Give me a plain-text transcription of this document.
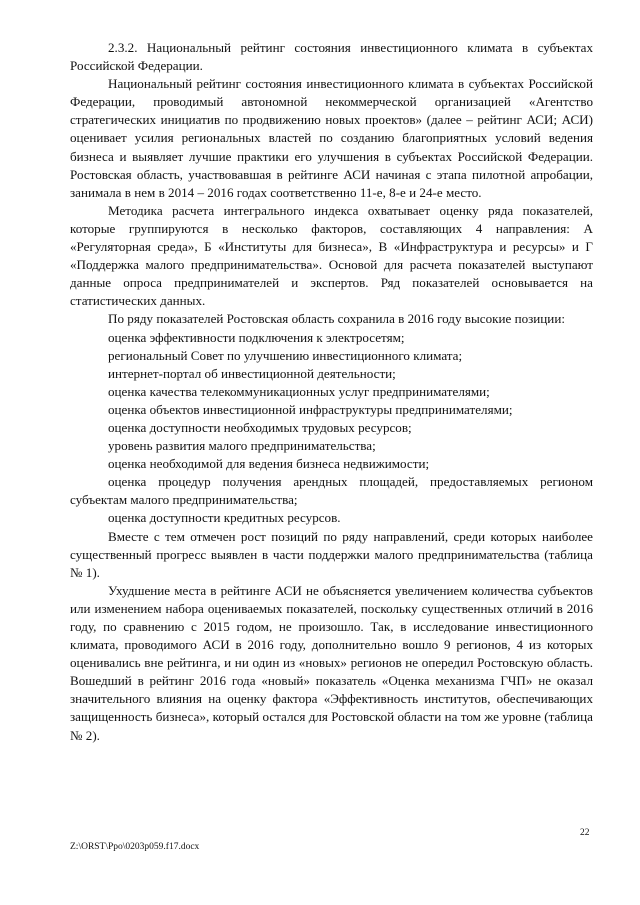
2.3.2. Национальный рейтинг состояния инвестиционного климата в субъектах Российской Федерации.

Национальный рейтинг состояния инвестиционного климата в субъектах Российской Федерации, проводимый автономной некоммерческой организацией «Агентство стратегических инициатив по продвижению новых проектов» (далее – рейтинг АСИ; АСИ) оценивает усилия региональных властей по созданию благоприятных условий ведения бизнеса и выявляет лучшие практики его улучшения в субъектах Российской Федерации. Ростовская область, участвовавшая в рейтинге АСИ начиная с этапа пилотной апробации, занимала в нем в 2014 – 2016 годах соответственно 11-е, 8-е и 24-е место.

Методика расчета интегрального индекса охватывает оценку ряда показателей, которые группируются в несколько факторов, составляющих 4 направления: А «Регуляторная среда», Б «Институты для бизнеса», В «Инфраструктура и ресурсы» и Г «Поддержка малого предпринимательства». Основой для расчета показателей выступают данные опроса предпринимателей и экспертов. Ряд показателей основывается на статистических данных.

По ряду показателей Ростовская область сохранила в 2016 году высокие позиции:

оценка эффективности подключения к электросетям;
региональный Совет по улучшению инвестиционного климата;
интернет-портал об инвестиционной деятельности;
оценка качества телекоммуникационных услуг предпринимателями;
оценка объектов инвестиционной инфраструктуры предпринимателями;
оценка доступности необходимых трудовых ресурсов;
уровень развития малого предпринимательства;
оценка необходимой для ведения бизнеса недвижимости;
оценка процедур получения арендных площадей, предоставляемых регионом субъектам малого предпринимательства;
оценка доступности кредитных ресурсов.

Вместе с тем отмечен рост позиций по ряду направлений, среди которых наиболее существенный прогресс выявлен в части поддержки малого предпринимательства (таблица № 1).

Ухудшение места в рейтинге АСИ не объясняется увеличением количества субъектов или изменением набора оцениваемых показателей, поскольку существенных отличий в 2016 году, по сравнению с 2015 годом, не произошло. Так, в исследование инвестиционного климата, проводимого АСИ в 2016 году, дополнительно вошло 9 регионов, 4 из которых оценивались вне рейтинга, и ни один из «новых» регионов не опередил Ростовскую область. Вошедший в рейтинг 2016 года «новый» показатель «Оценка механизма ГЧП» не оказал значительного влияния на оценку фактора «Эффективность институтов, обеспечивающих защищенность бизнеса», который остался для Ростовской области на том же уровне (таблица № 2).

22
Z:\ORST\Ppo\0203p059.f17.docx
